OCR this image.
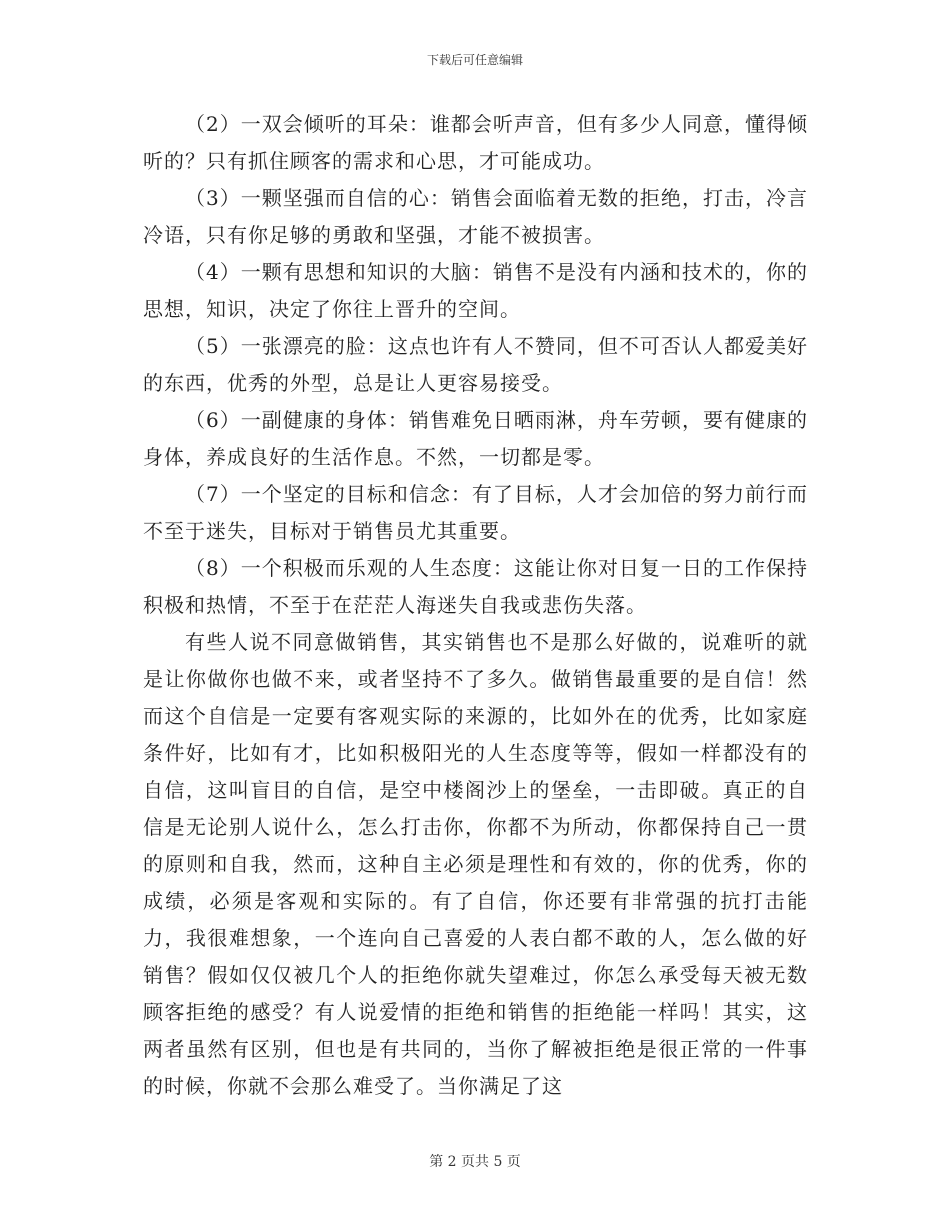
下载后可任意编辑

（2）一双会倾听的耳朵：谁都会听声音，但有多少人同意，懂得倾听的？只有抓住顾客的需求和心思，才可能成功。

（3）一颗坚强而自信的心：销售会面临着无数的拒绝，打击，冷言冷语，只有你足够的勇敢和坚强，才能不被损害。

（4）一颗有思想和知识的大脑：销售不是没有内涵和技术的，你的思想，知识，决定了你往上晋升的空间。

（5）一张漂亮的脸：这点也许有人不赞同，但不可否认人都爱美好的东西，优秀的外型，总是让人更容易接受。

（6）一副健康的身体：销售难免日晒雨淋，舟车劳顿，要有健康的身体，养成良好的生活作息。不然，一切都是零。

（7）一个坚定的目标和信念：有了目标，人才会加倍的努力前行而不至于迷失，目标对于销售员尤其重要。

（8）一个积极而乐观的人生态度：这能让你对日复一日的工作保持积极和热情，不至于在茫茫人海迷失自我或悲伤失落。

有些人说不同意做销售，其实销售也不是那么好做的，说难听的就是让你做你也做不来，或者坚持不了多久。做销售最重要的是自信！然而这个自信是一定要有客观实际的来源的，比如外在的优秀，比如家庭条件好，比如有才，比如积极阳光的人生态度等等，假如一样都没有的自信，这叫盲目的自信，是空中楼阁沙上的堡垒，一击即破。真正的自信是无论别人说什么，怎么打击你，你都不为所动，你都保持自己一贯的原则和自我，然而，这种自主必须是理性和有效的，你的优秀，你的成绩，必须是客观和实际的。有了自信，你还要有非常强的抗打击能力，我很难想象，一个连向自己喜爱的人表白都不敢的人，怎么做的好销售？假如仅仅被几个人的拒绝你就失望难过，你怎么承受每天被无数顾客拒绝的感受？有人说爱情的拒绝和销售的拒绝能一样吗！其实，这两者虽然有区别，但也是有共同的，当你了解被拒绝是很正常的一件事的时候，你就不会那么难受了。当你满足了这

第 2 页共 5 页
